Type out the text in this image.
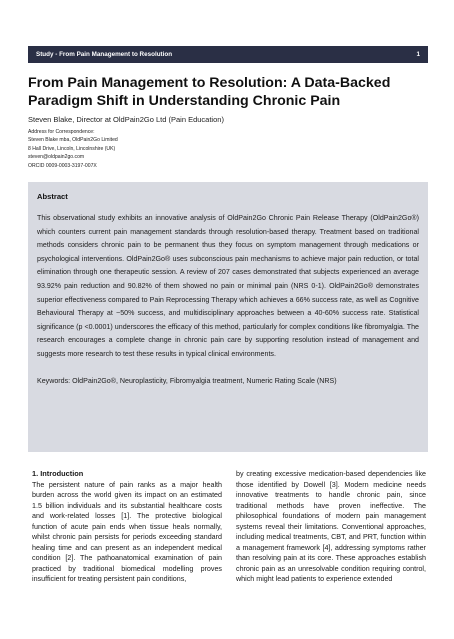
Study - From Pain Management to Resolution	1
From Pain Management to Resolution: A Data-Backed Paradigm Shift in Understanding Chronic Pain
Steven Blake, Director at OldPain2Go Ltd (Pain Education)
Address for Correspondence:
Steven Blake mba, OldPain2Go Limited
8 Hall Drive, Lincoln, Lincolnshire (UK)
steven@oldpain2go.com
ORCID 0009-0003-3197-007X
Abstract

This observational study exhibits an innovative analysis of OldPain2Go Chronic Pain Release Therapy (OldPain2Go®) which counters current pain management standards through resolution-based therapy. Treatment based on traditional methods considers chronic pain to be permanent thus they focus on symptom management through medications or psychological interventions. OldPain2Go® uses subconscious pain mechanisms to achieve major pain reduction, or total elimination through one therapeutic session. A review of 207 cases demonstrated that subjects experienced an average 93.92% pain reduction and 90.82% of them showed no pain or minimal pain (NRS 0-1). OldPain2Go® demonstrates superior effectiveness compared to Pain Reprocessing Therapy which achieves a 66% success rate, as well as Cognitive Behavioural Therapy at ~50% success, and multidisciplinary approaches between a 40-60% success rate. Statistical significance (p <0.0001) underscores the efficacy of this method, particularly for complex conditions like fibromyalgia. The research encourages a complete change in chronic pain care by supporting resolution instead of management and suggests more research to test these results in typical clinical environments.

Keywords: OldPain2Go®, Neuroplasticity, Fibromyalgia treatment, Numeric Rating Scale (NRS)

1. Introduction

The persistent nature of pain ranks as a major health burden across the world given its impact on an estimated 1.5 billion individuals and its substantial healthcare costs and work-related losses [1]. The protective biological function of acute pain ends when tissue heals normally, whilst chronic pain persists for periods exceeding standard healing time and can present as an independent medical condition [2]. The pathoanatomical examination of pain practiced by traditional biomedical modelling proves insufficient for treating persistent pain conditions,

by creating excessive medication-based dependencies like those identified by Dowell [3]. Modern medicine needs innovative treatments to handle chronic pain, since traditional methods have proven ineffective. The philosophical foundations of modern pain management systems reveal their limitations. Conventional approaches, including medical treatments, CBT, and PRT, function within a management framework [4], addressing symptoms rather than resolving pain at its core. These approaches establish chronic pain as an unresolvable condition requiring control, which might lead patients to experience extended
